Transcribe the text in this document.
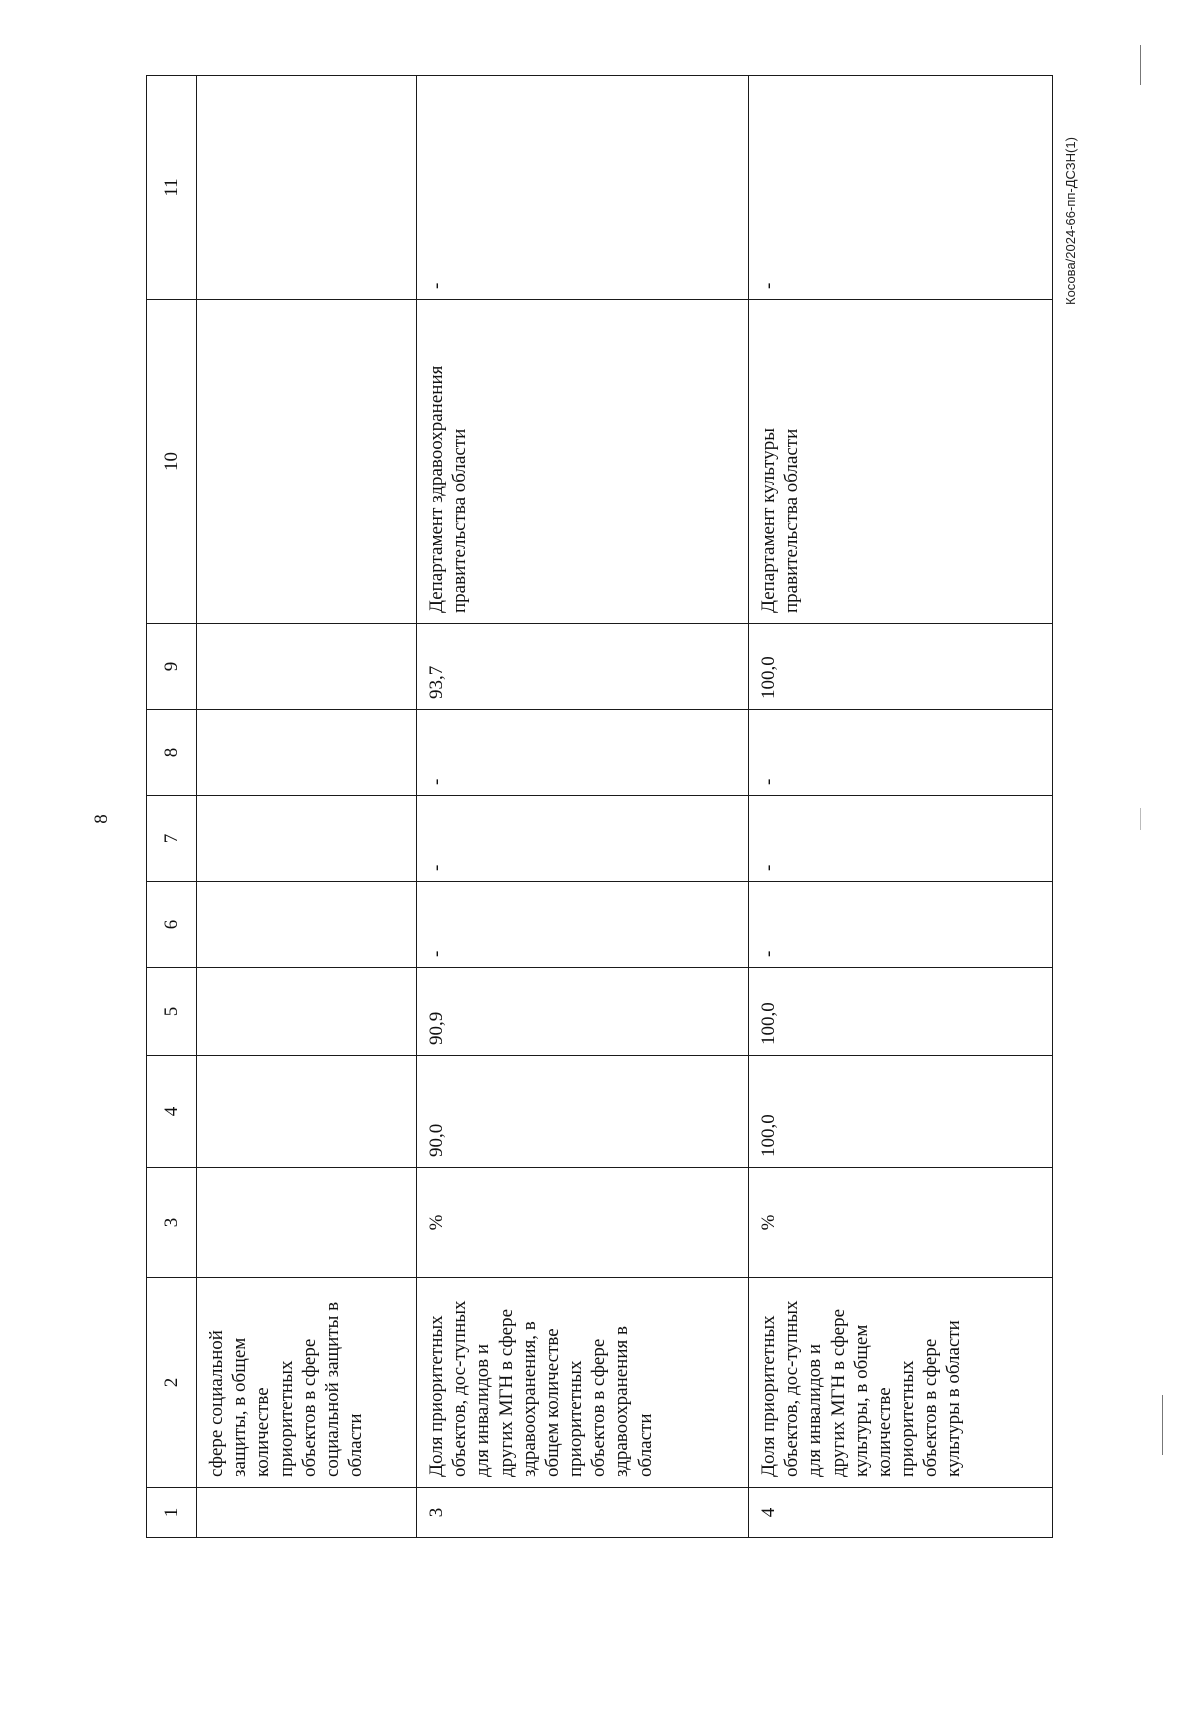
8
1	2	3	4	5	6	7	8	9	10	11
	сфере социальной защиты, в общем количестве приоритетных объектов в сфере социальной защиты в области									
3	Доля приоритетных объектов, дос-тупных для инвалидов и других МГН в сфере здравоохранения, в общем количестве приоритетных объектов в сфере здравоохранения в области	%	90,0	90,9	-	-	-	93,7	Департамент здравоохранения правительства области	-
4	Доля приоритетных объектов, дос-тупных для инвалидов и других МГН в сфере культуры, в общем количестве приоритетных объектов в сфере культуры в области	%	100,0	100,0	-	-	-	100,0	Департамент культуры правительства области	-	Косова/2024-66-пп-ДСЗН(1)
